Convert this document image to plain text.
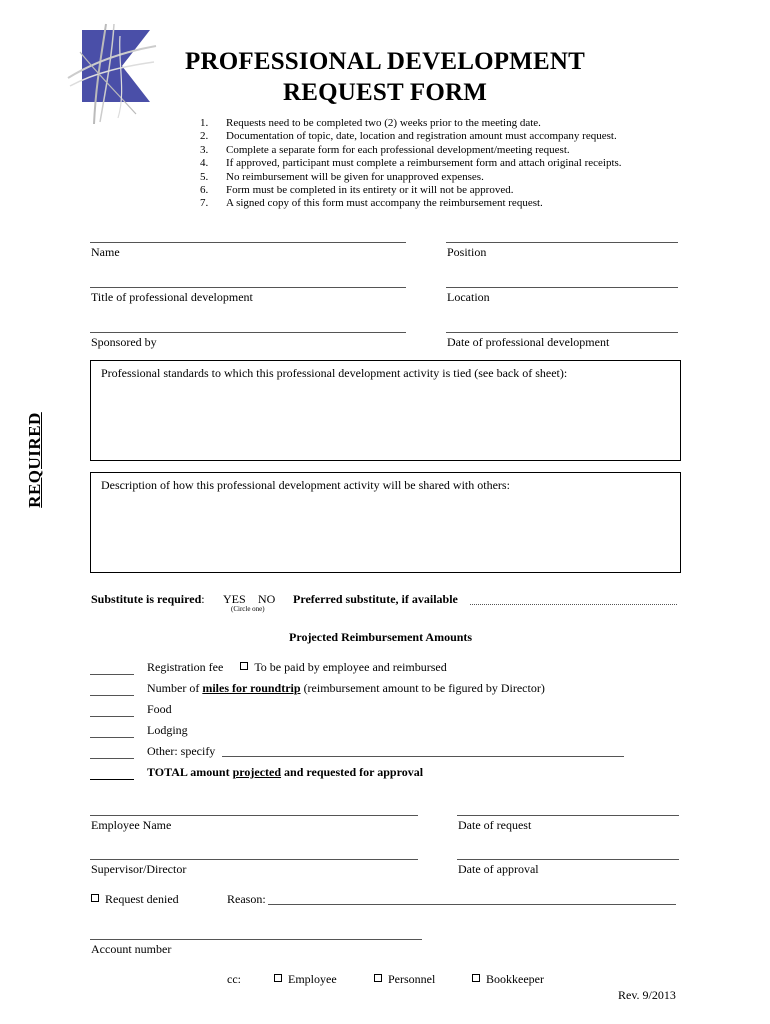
PROFESSIONAL DEVELOPMENT
REQUEST FORM
1.	Requests need to be completed two (2) weeks prior to the meeting date.
2.	Documentation of topic, date, location and registration amount must accompany request.
3.	Complete a separate form for each professional development/meeting request.
4.	If approved, participant must complete a reimbursement form and attach original receipts.
5.	No reimbursement will be given for unapproved expenses.
6.	Form must be completed in its entirety or it will not be approved.
7.	A signed copy of this form must accompany the reimbursement request.
Name	Position
Title of professional development	Location
Sponsored by	Date of professional development
REQUIRED
Professional standards to which this professional development activity is tied (see back of sheet):
Description of how this professional development activity will be shared with others:
Substitute is required: YES NO
(Circle one)
Preferred substitute, if available
Projected Reimbursement Amounts
Registration fee	To be paid by employee and reimbursed
Number of miles for roundtrip (reimbursement amount to be figured by Director)
Food
Lodging
Other: specify
TOTAL amount projected and requested for approval
Employee Name	Date of request
Supervisor/Director	Date of approval
Request denied	Reason:
Account number
cc:	Employee	Personnel	Bookkeeper
Rev. 9/2013
